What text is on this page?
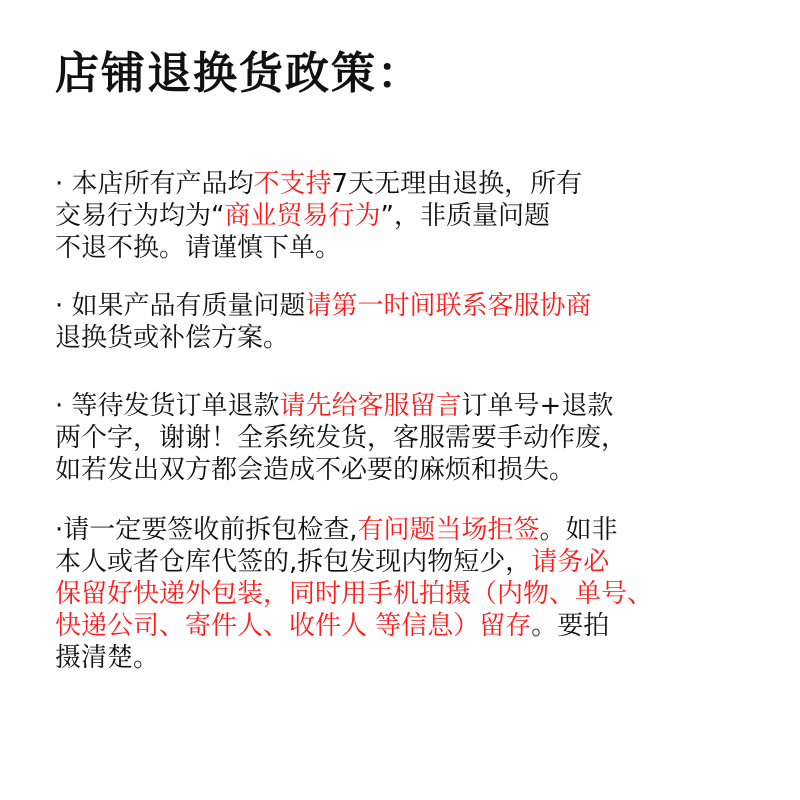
店铺退换货政策：
· 本店所有产品均不支持7天无理由退换，所有
交易行为均为“商业贸易行为”，非质量问题
不退不换。请谨慎下单。
· 如果产品有质量问题请第一时间联系客服协商
退换货或补偿方案。
· 等待发货订单退款请先给客服留言订单号+退款
两个字，谢谢！全系统发货，客服需要手动作废，
如若发出双方都会造成不必要的麻烦和损失。
·请一定要签收前拆包检查,有问题当场拒签。如非
本人或者仓库代签的,拆包发现内物短少，请务必
保留好快递外包装，同时用手机拍摄（内物、单号、
快递公司、寄件人、收件人 等信息）留存。要拍
摄清楚。
